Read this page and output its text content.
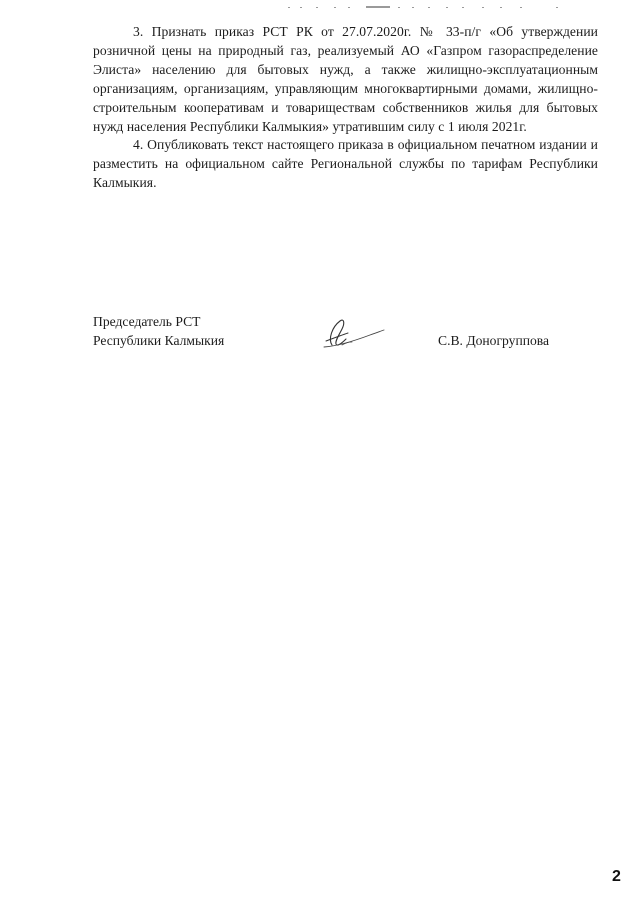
3. Признать приказ РСТ РК от 27.07.2020г. № 33-п/г «Об утверждении розничной цены на природный газ, реализуемый АО «Газпром газораспределение Элиста» населению для бытовых нужд, а также жилищно-эксплуатационным организациям, организациям, управляющим многоквартирными домами, жилищно-строительным кооперативам и товариществам собственников жилья для бытовых нужд населения Республики Калмыкия» утратившим силу с 1 июля 2021г.

4. Опубликовать текст настоящего приказа в официальном печатном издании и разместить на официальном сайте Региональной службы по тарифам Республики Калмыкия.

Председатель РСТ
Республики Калмыкия	С.В. Доногруппова
2
